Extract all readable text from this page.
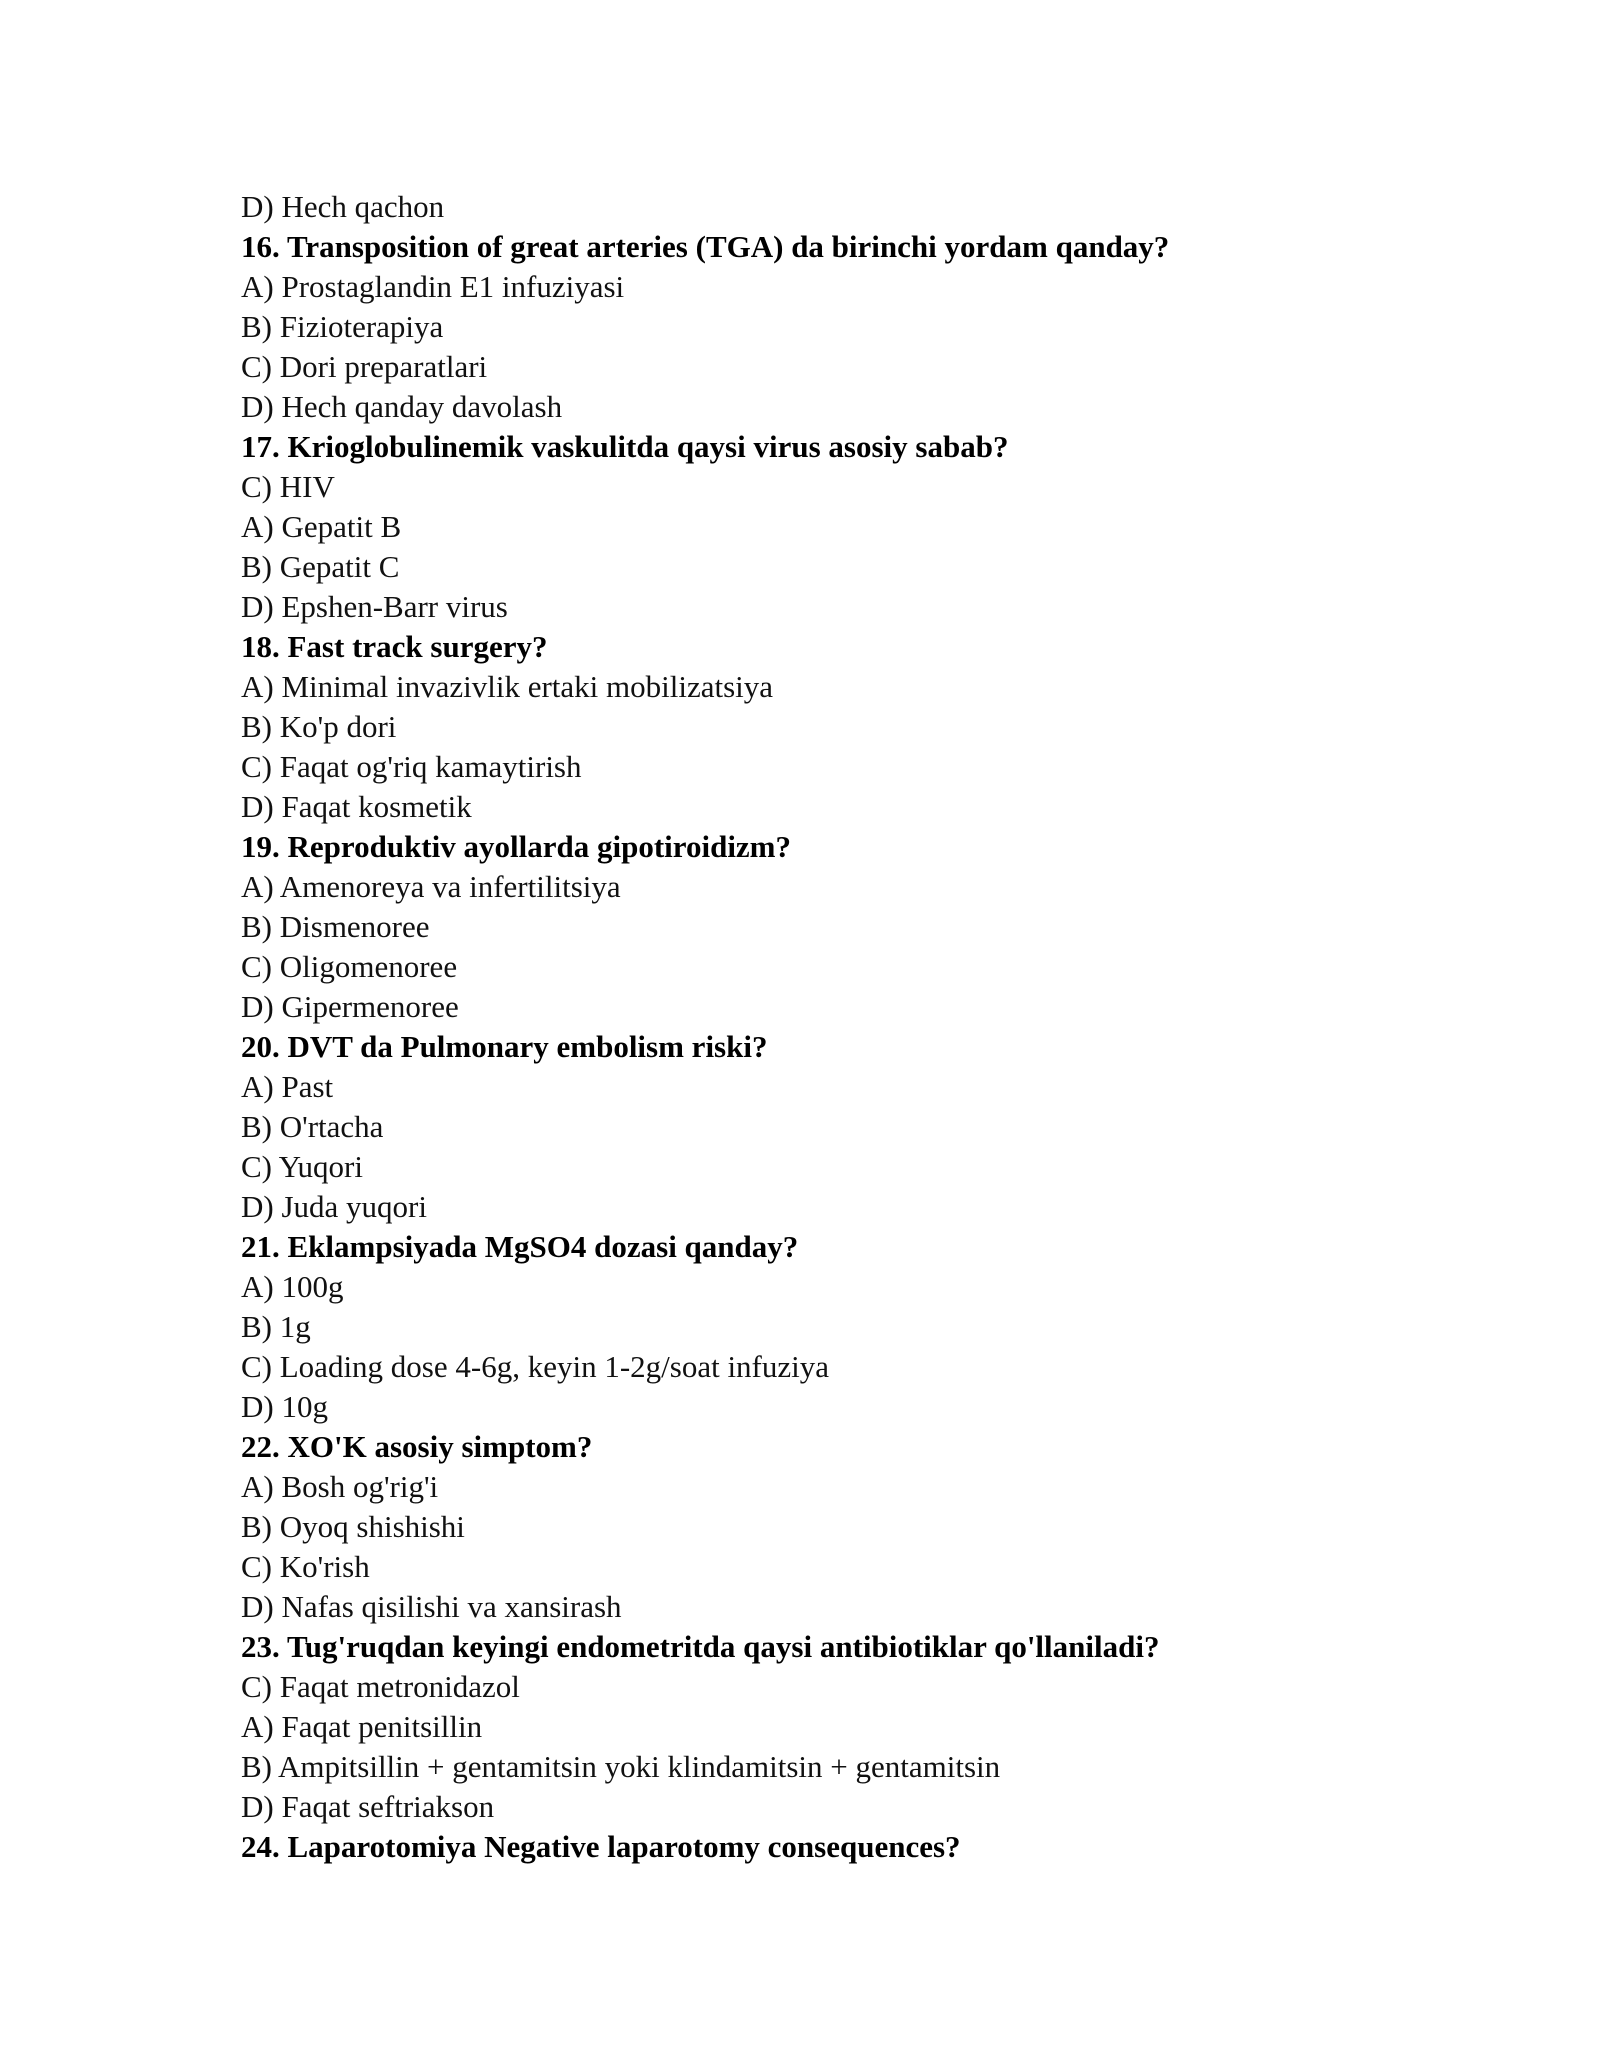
D) Hech qachon
16. Transposition of great arteries (TGA) da birinchi yordam qanday?
A) Prostaglandin E1 infuziyasi
B) Fizioterapiya
C) Dori preparatlari
D) Hech qanday davolash
17. Krioglobulinemik vaskulitda qaysi virus asosiy sabab?
C) HIV
A) Gepatit B
B) Gepatit C
D) Epshen-Barr virus
18. Fast track surgery?
A) Minimal invazivlik ertaki mobilizatsiya
B) Ko'p dori
C) Faqat og'riq kamaytirish
D) Faqat kosmetik
19. Reproduktiv ayollarda gipotiroidizm?
A) Amenoreya va infertilitsiya
B) Dismenoree
C) Oligomenoree
D) Gipermenoree
20. DVT da Pulmonary embolism riski?
A) Past
B) O'rtacha
C) Yuqori
D) Juda yuqori
21. Eklampsiyada MgSO4 dozasi qanday?
A) 100g
B) 1g
C) Loading dose 4-6g, keyin 1-2g/soat infuziya
D) 10g
22. XO'K asosiy simptom?
A) Bosh og'rig'i
B) Oyoq shishishi
C) Ko'rish
D) Nafas qisilishi va xansirash
23. Tug'ruqdan keyingi endometritda qaysi antibiotiklar qo'llaniladi?
C) Faqat metronidazol
A) Faqat penitsillin
B) Ampitsillin + gentamitsin yoki klindamitsin + gentamitsin
D) Faqat seftriakson
24. Laparotomiya Negative laparotomy consequences?
